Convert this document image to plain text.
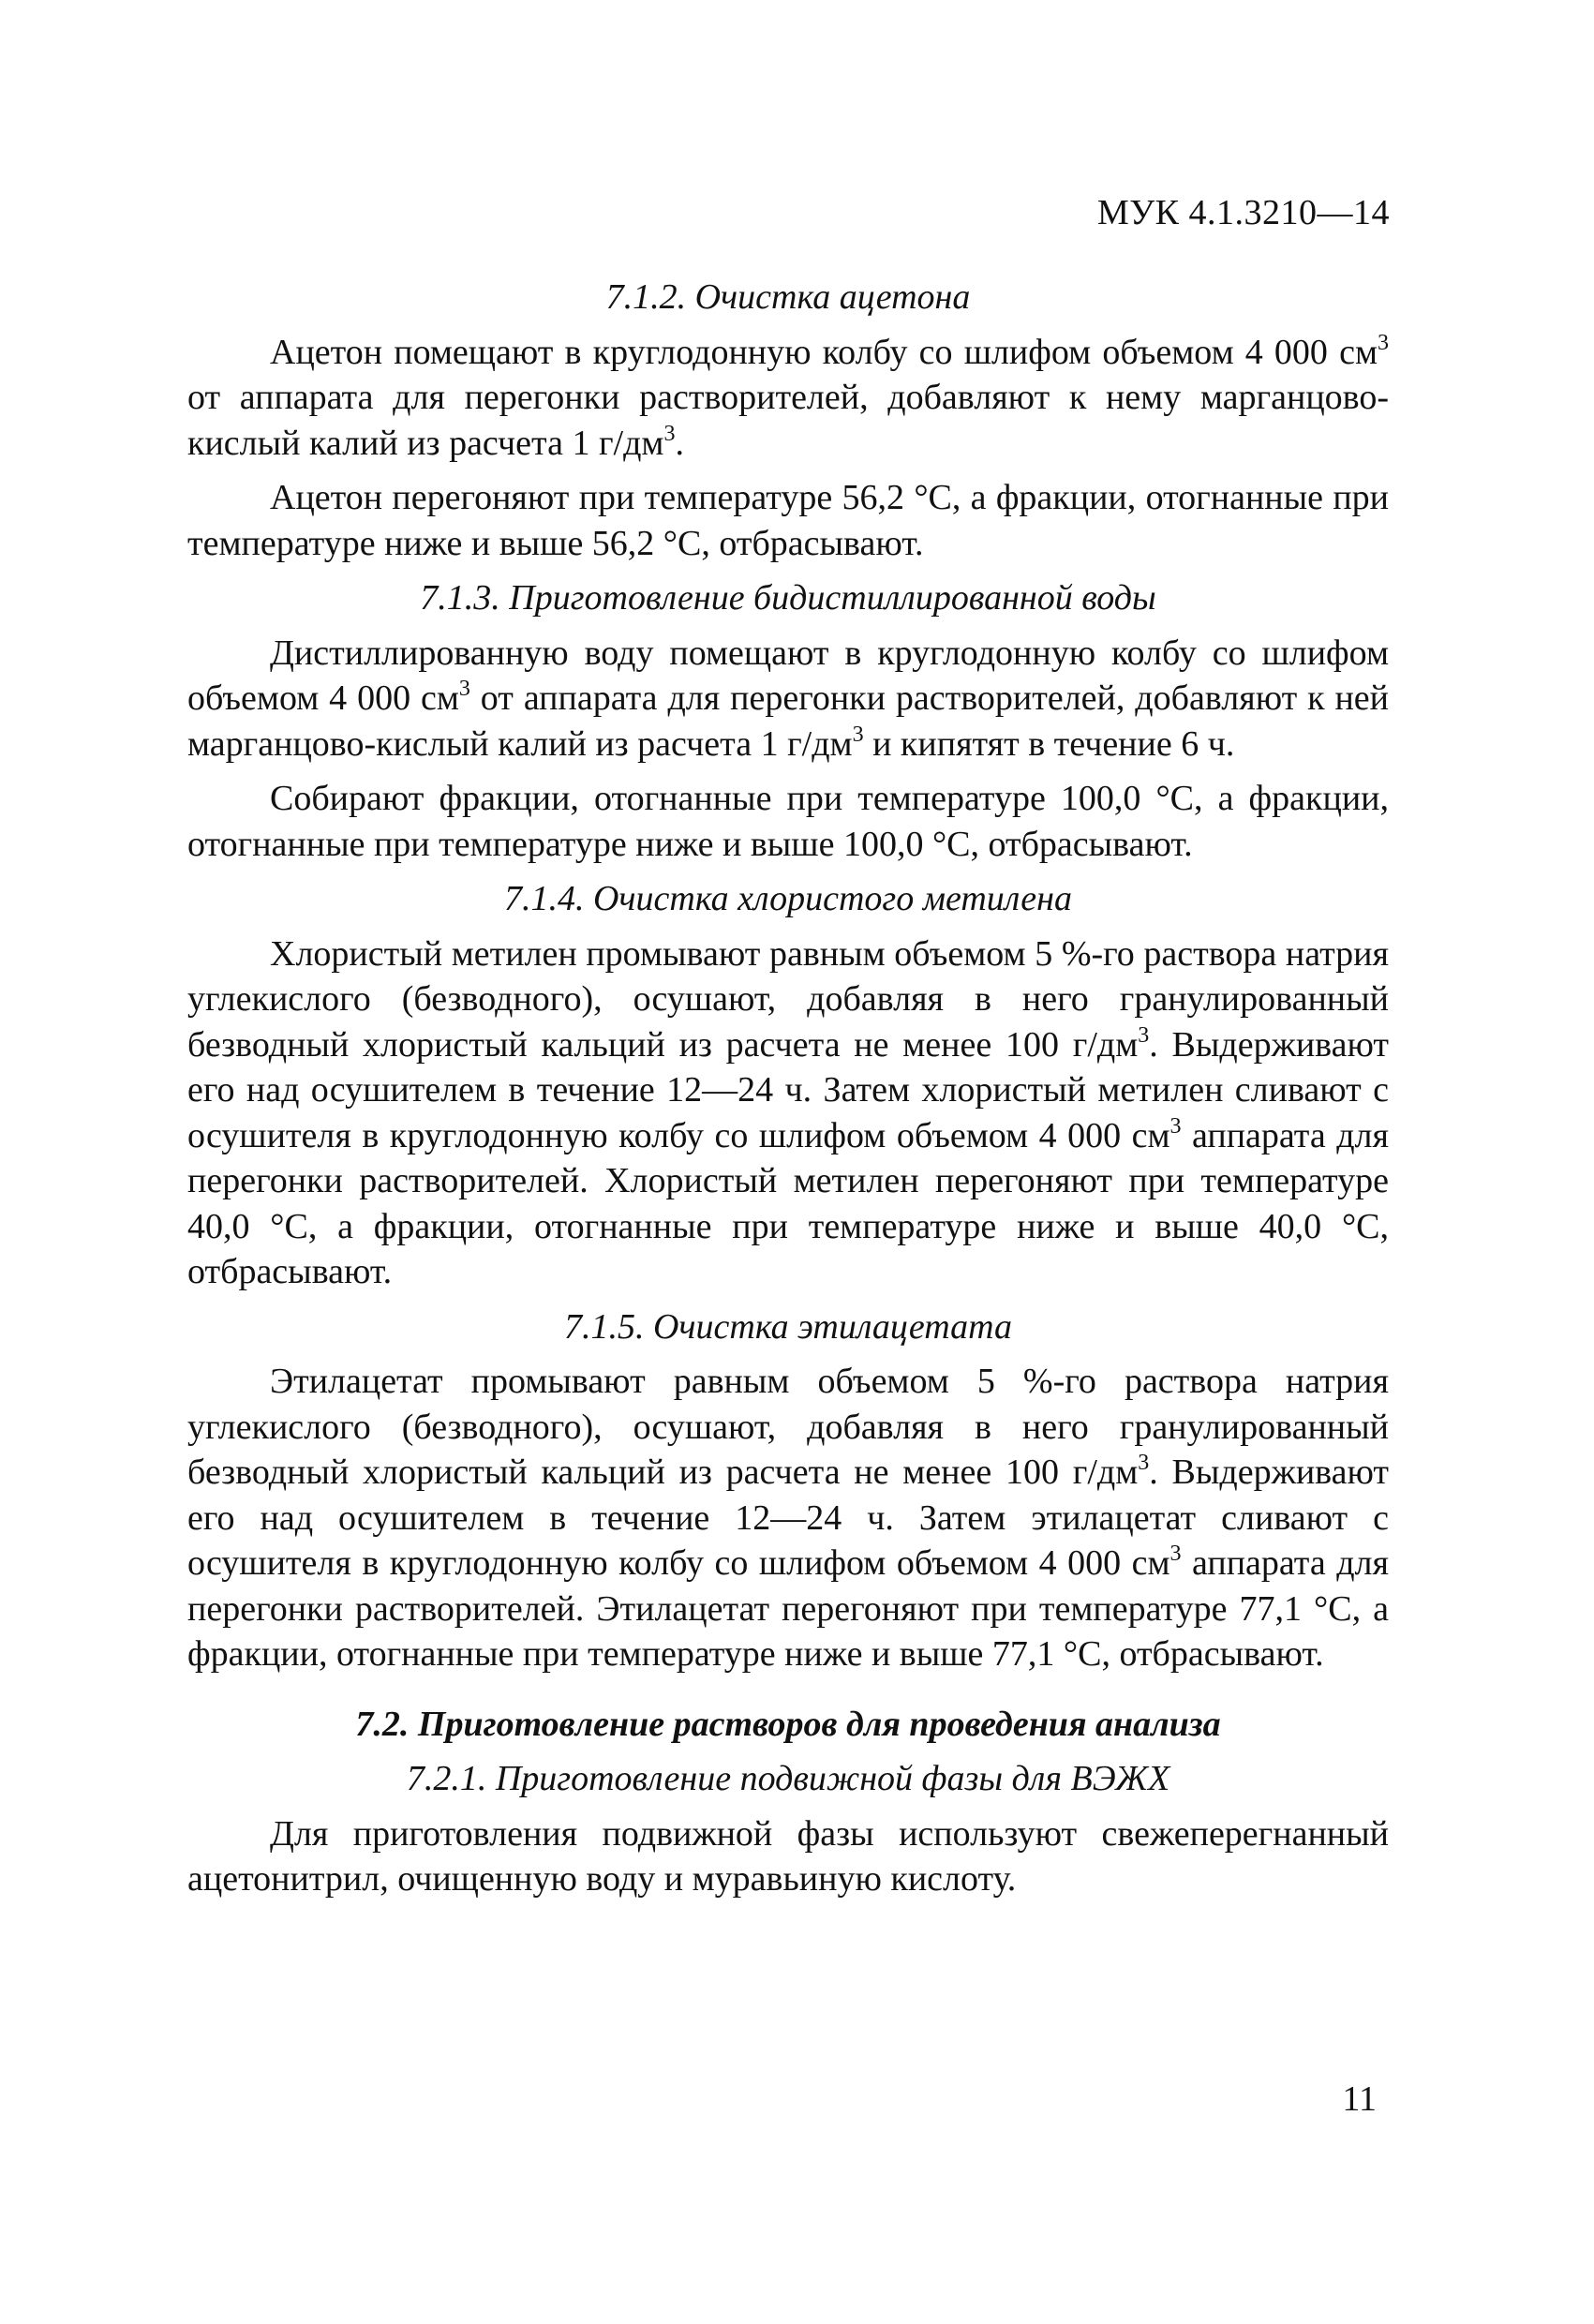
МУК 4.1.3210—14
7.1.2. Очистка ацетона
Ацетон помещают в круглодонную колбу со шлифом объемом 4 000 $см^3$ от аппарата для перегонки растворителей, добавляют к нему марганцово-кислый калий из расчета 1 $г/дм^3$.
Ацетон перегоняют при температуре 56,2 °С, а фракции, отогнанные при температуре ниже и выше 56,2 °С, отбрасывают.
7.1.3. Приготовление бидистиллированной воды
Дистиллированную воду помещают в круглодонную колбу со шлифом объемом 4 000 $см^3$ от аппарата для перегонки растворителей, добавляют к ней марганцово-кислый калий из расчета 1 $г/дм^3$ и кипятят в течение 6 ч.
Собирают фракции, отогнанные при температуре 100,0 °С, а фракции, отогнанные при температуре ниже и выше 100,0 °С, отбрасывают.
7.1.4. Очистка хлористого метилена
Хлористый метилен промывают равным объемом 5 %-го раствора натрия углекислого (безводного), осушают, добавляя в него гранулированный безводный хлористый кальций из расчета не менее 100 $г/дм^3$. Выдерживают его над осушителем в течение 12—24 ч. Затем хлористый метилен сливают с осушителя в круглодонную колбу со шлифом объемом 4 000 $см^3$ аппарата для перегонки растворителей. Хлористый метилен перегоняют при температуре 40,0 °С, а фракции, отогнанные при температуре ниже и выше 40,0 °С, отбрасывают.
7.1.5. Очистка этилацетата
Этилацетат промывают равным объемом 5 %-го раствора натрия углекислого (безводного), осушают, добавляя в него гранулированный безводный хлористый кальций из расчета не менее 100 $г/дм^3$. Выдерживают его над осушителем в течение 12—24 ч. Затем этилацетат сливают с осушителя в круглодонную колбу со шлифом объемом 4 000 $см^3$ аппарата для перегонки растворителей. Этилацетат перегоняют при температуре 77,1 °С, а фракции, отогнанные при температуре ниже и выше 77,1 °С, отбрасывают.
7.2. Приготовление растворов для проведения анализа
7.2.1. Приготовление подвижной фазы для ВЭЖХ
Для приготовления подвижной фазы используют свежеперегнанный ацетонитрил, очищенную воду и муравьиную кислоту.
11
